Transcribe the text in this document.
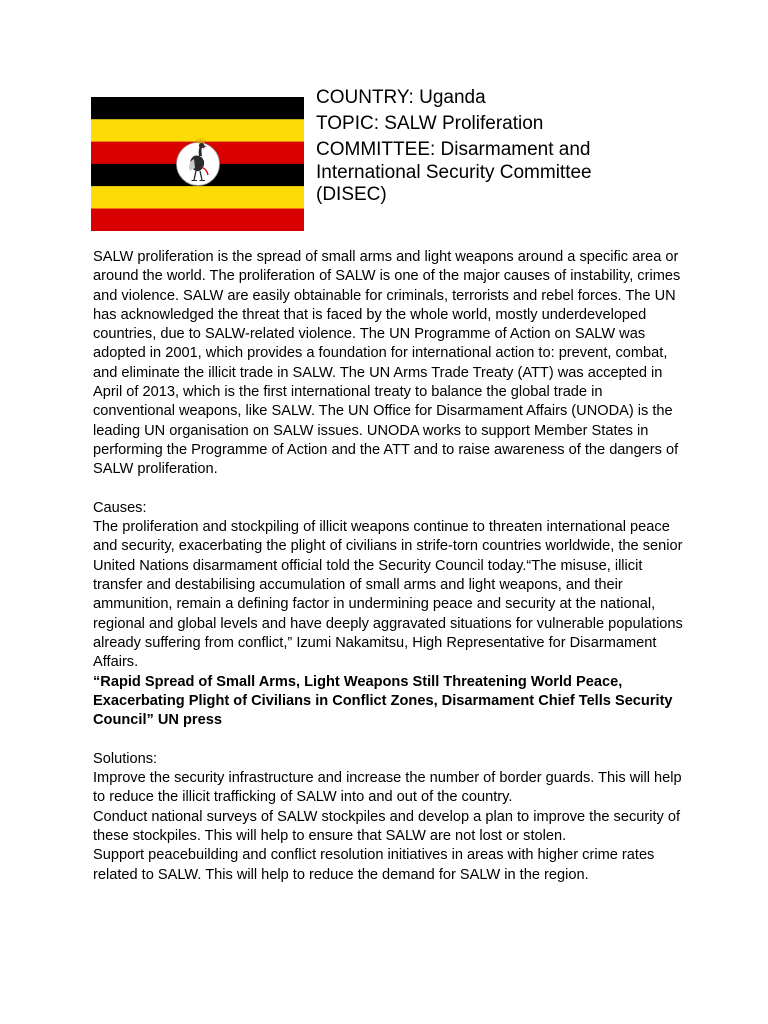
COUNTRY: Uganda
TOPIC: SALW Proliferation
COMMITTEE: Disarmament and
International Security Committee
(DISEC)

SALW proliferation is the spread of small arms and light weapons around a specific area or around the world. The proliferation of SALW is one of the major causes of instability, crimes and violence. SALW are easily obtainable for criminals, terrorists and rebel forces. The UN has acknowledged the threat that is faced by the whole world, mostly underdeveloped countries, due to SALW-related violence. The UN Programme of Action on SALW was adopted in 2001, which provides a foundation for international action to: prevent, combat, and eliminate the illicit trade in SALW. The UN Arms Trade Treaty (ATT) was accepted in April of 2013, which is the first international treaty to balance the global trade in conventional weapons, like SALW. The UN Office for Disarmament Affairs (UNODA) is the leading UN organisation on SALW issues. UNODA works to support Member States in performing the Programme of Action and the ATT and to raise awareness of the dangers of SALW proliferation.

Causes:

The proliferation and stockpiling of illicit weapons continue to threaten international peace and security, exacerbating the plight of civilians in strife-torn countries worldwide, the senior United Nations disarmament official told the Security Council today.“The misuse, illicit transfer and destabilising accumulation of small arms and light weapons, and their ammunition, remain a defining factor in undermining peace and security at the national, regional and global levels and have deeply aggravated situations for vulnerable populations already suffering from conflict,” Izumi Nakamitsu, High Representative for Disarmament Affairs.

“Rapid Spread of Small Arms, Light Weapons Still Threatening World Peace, Exacerbating Plight of Civilians in Conflict Zones, Disarmament Chief Tells Security Council” UN press

Solutions:

Improve the security infrastructure and increase the number of border guards. This will help to reduce the illicit trafficking of SALW into and out of the country.

Conduct national surveys of SALW stockpiles and develop a plan to improve the security of these stockpiles. This will help to ensure that SALW are not lost or stolen.

Support peacebuilding and conflict resolution initiatives in areas with higher crime rates related to SALW. This will help to reduce the demand for SALW in the region.
